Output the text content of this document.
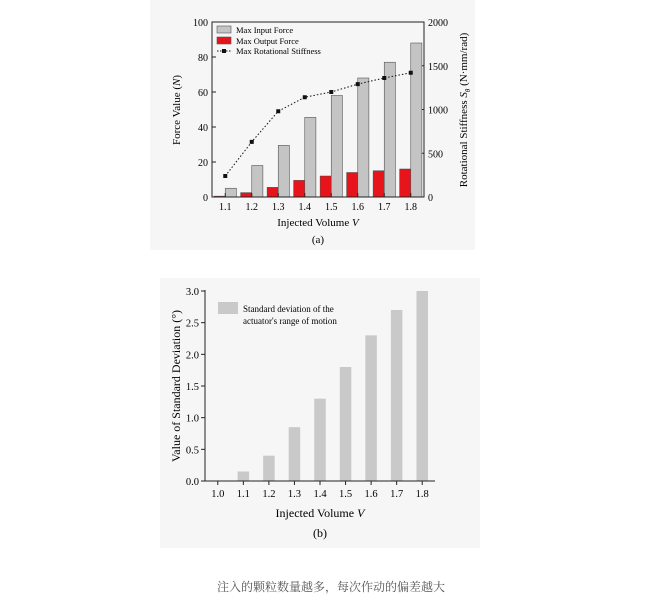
0
20
40
60
80
100
0
500
1000
1500
2000
1.1 1.2 1.3 1.4 1.5 1.6 1.7 1.8
Max Input Force
Max Output Force
Max Rotational Stiffness
Force Value (N)
Rotational Stiffness $S_\theta$ (N·mm/rad)
Injected Volume V
(a)
0.0
0.5
1.0
1.5
2.0
2.5
3.0
1.0 1.1 1.2 1.3 1.4 1.5 1.6 1.7 1.8
Standard deviation of the
actuator's range of motion
Value of Standard Deviation (°)
Injected Volume V
(b)
注入的颗粒数量越多，每次作动的偏差越大
